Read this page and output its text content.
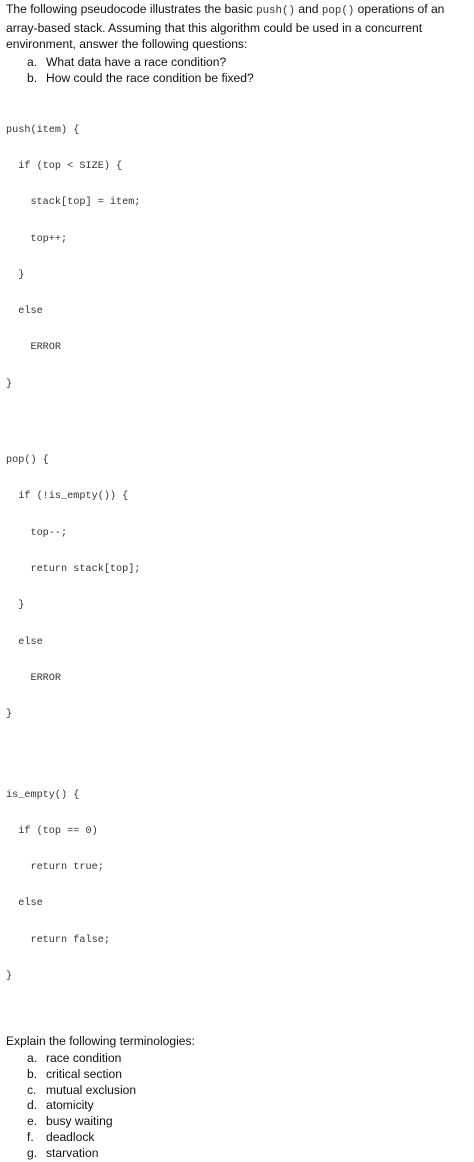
The following pseudocode illustrates the basic push() and pop() operations of an array-based stack. Assuming that this algorithm could be used in a concurrent environment, answer the following questions:

a. What data have a race condition?
b. How could the race condition be fixed?

push(item) {

if (top < SIZE) {

stack[top] = item;

top++;

}

else

ERROR

}

pop() {

if (!is_empty()) {

top--;

return stack[top];

}

else

ERROR

}

is_empty() {

if (top == 0)

return true;

else

return false;

}

Explain the following terminologies:

a. race condition
b. critical section
c. mutual exclusion
d. atomicity
e. busy waiting
f. deadlock
g. starvation
